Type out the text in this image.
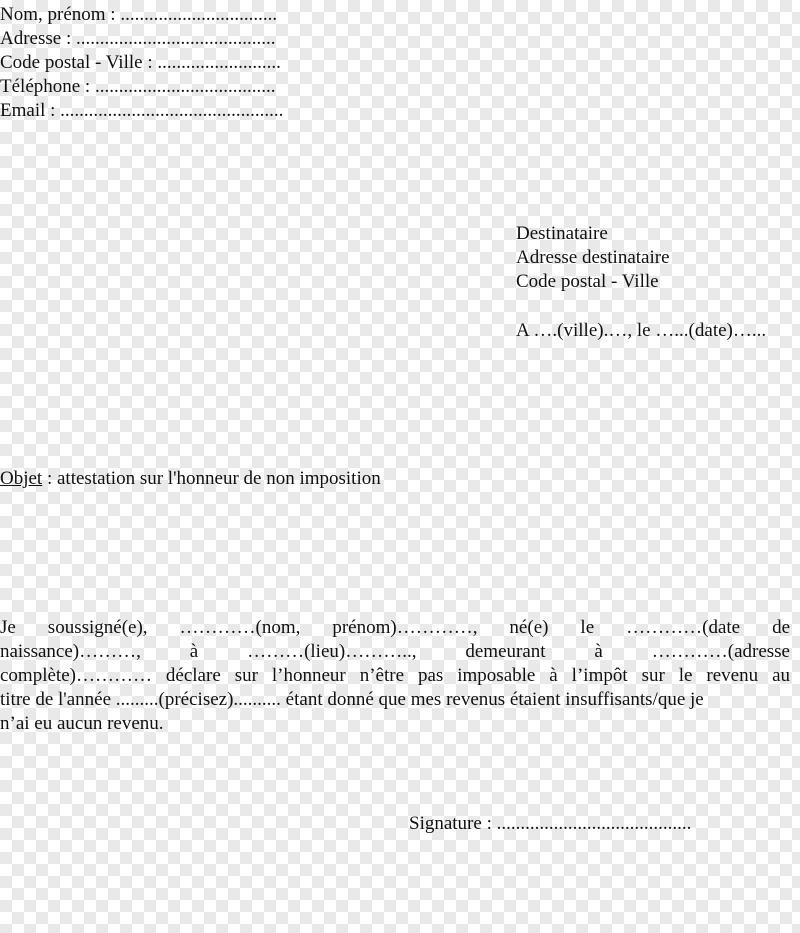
Nom, prénom : .................................
Adresse : ..........................................
Code postal - Ville : ..........................
Téléphone : ......................................
Email : ...............................................
Destinataire
Adresse destinataire
Code postal - Ville
A ….(ville).…, le …...(date)…...
Objet : attestation sur l'honneur de non imposition
Je soussigné(e), …………(nom, prénom)…………, né(e) le …………(date de
naissance)………, à ………(lieu)……….., demeurant à …………(adresse
complète)………… déclare sur l’honneur n’être pas imposable à l’impôt sur le revenu au
titre de l'année .........(précisez).......... étant donné que mes revenus étaient insuffisants/que je
n’ai eu aucun revenu.
Signature : .........................................
